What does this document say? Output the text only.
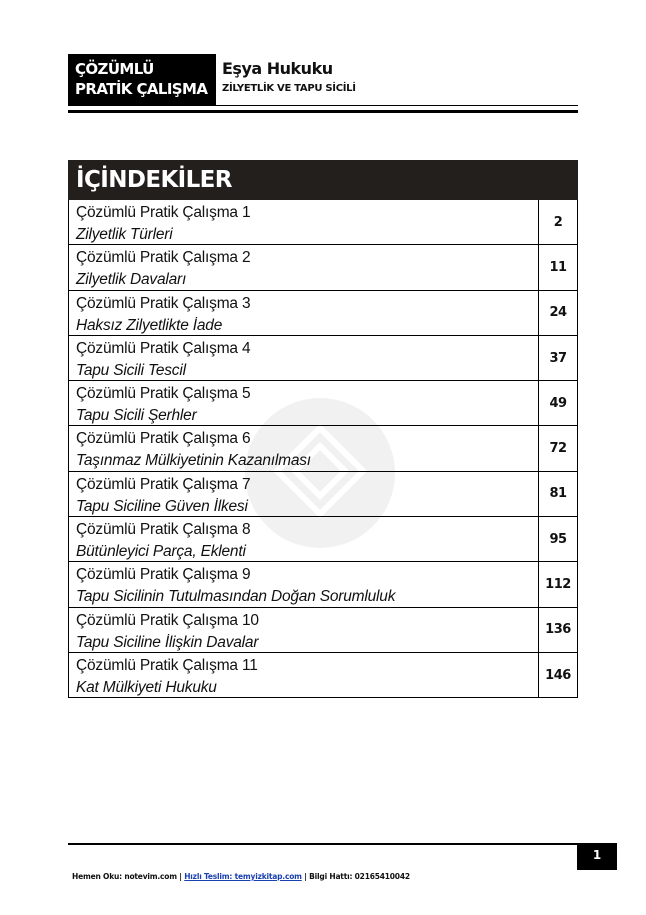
ÇÖZÜMLÜ
PRATİK ÇALIŞMA
Eşya Hukuku
ZİLYETLİK VE TAPU SİCİLİ
İÇİNDEKİLER
Çözümlü Pratik Çalışma 1
Zilyetlik Türleri
2
Çözümlü Pratik Çalışma 2
Zilyetlik Davaları
11
Çözümlü Pratik Çalışma 3
Haksız Zilyetlikte İade
24
Çözümlü Pratik Çalışma 4
Tapu Sicili Tescil
37
Çözümlü Pratik Çalışma 5
Tapu Sicili Şerhler
49
Çözümlü Pratik Çalışma 6
Taşınmaz Mülkiyetinin Kazanılması
72
Çözümlü Pratik Çalışma 7
Tapu Siciline Güven İlkesi
81
Çözümlü Pratik Çalışma 8
Bütünleyici Parça, Eklenti
95
Çözümlü Pratik Çalışma 9
Tapu Sicilinin Tutulmasından Doğan Sorumluluk
112
Çözümlü Pratik Çalışma 10
Tapu Siciline İlişkin Davalar
136
Çözümlü Pratik Çalışma 11
Kat Mülkiyeti Hukuku
146
1
Hemen Oku: notevim.com | Hızlı Teslim: temyizkitap.com | Bilgi Hattı: 02165410042
